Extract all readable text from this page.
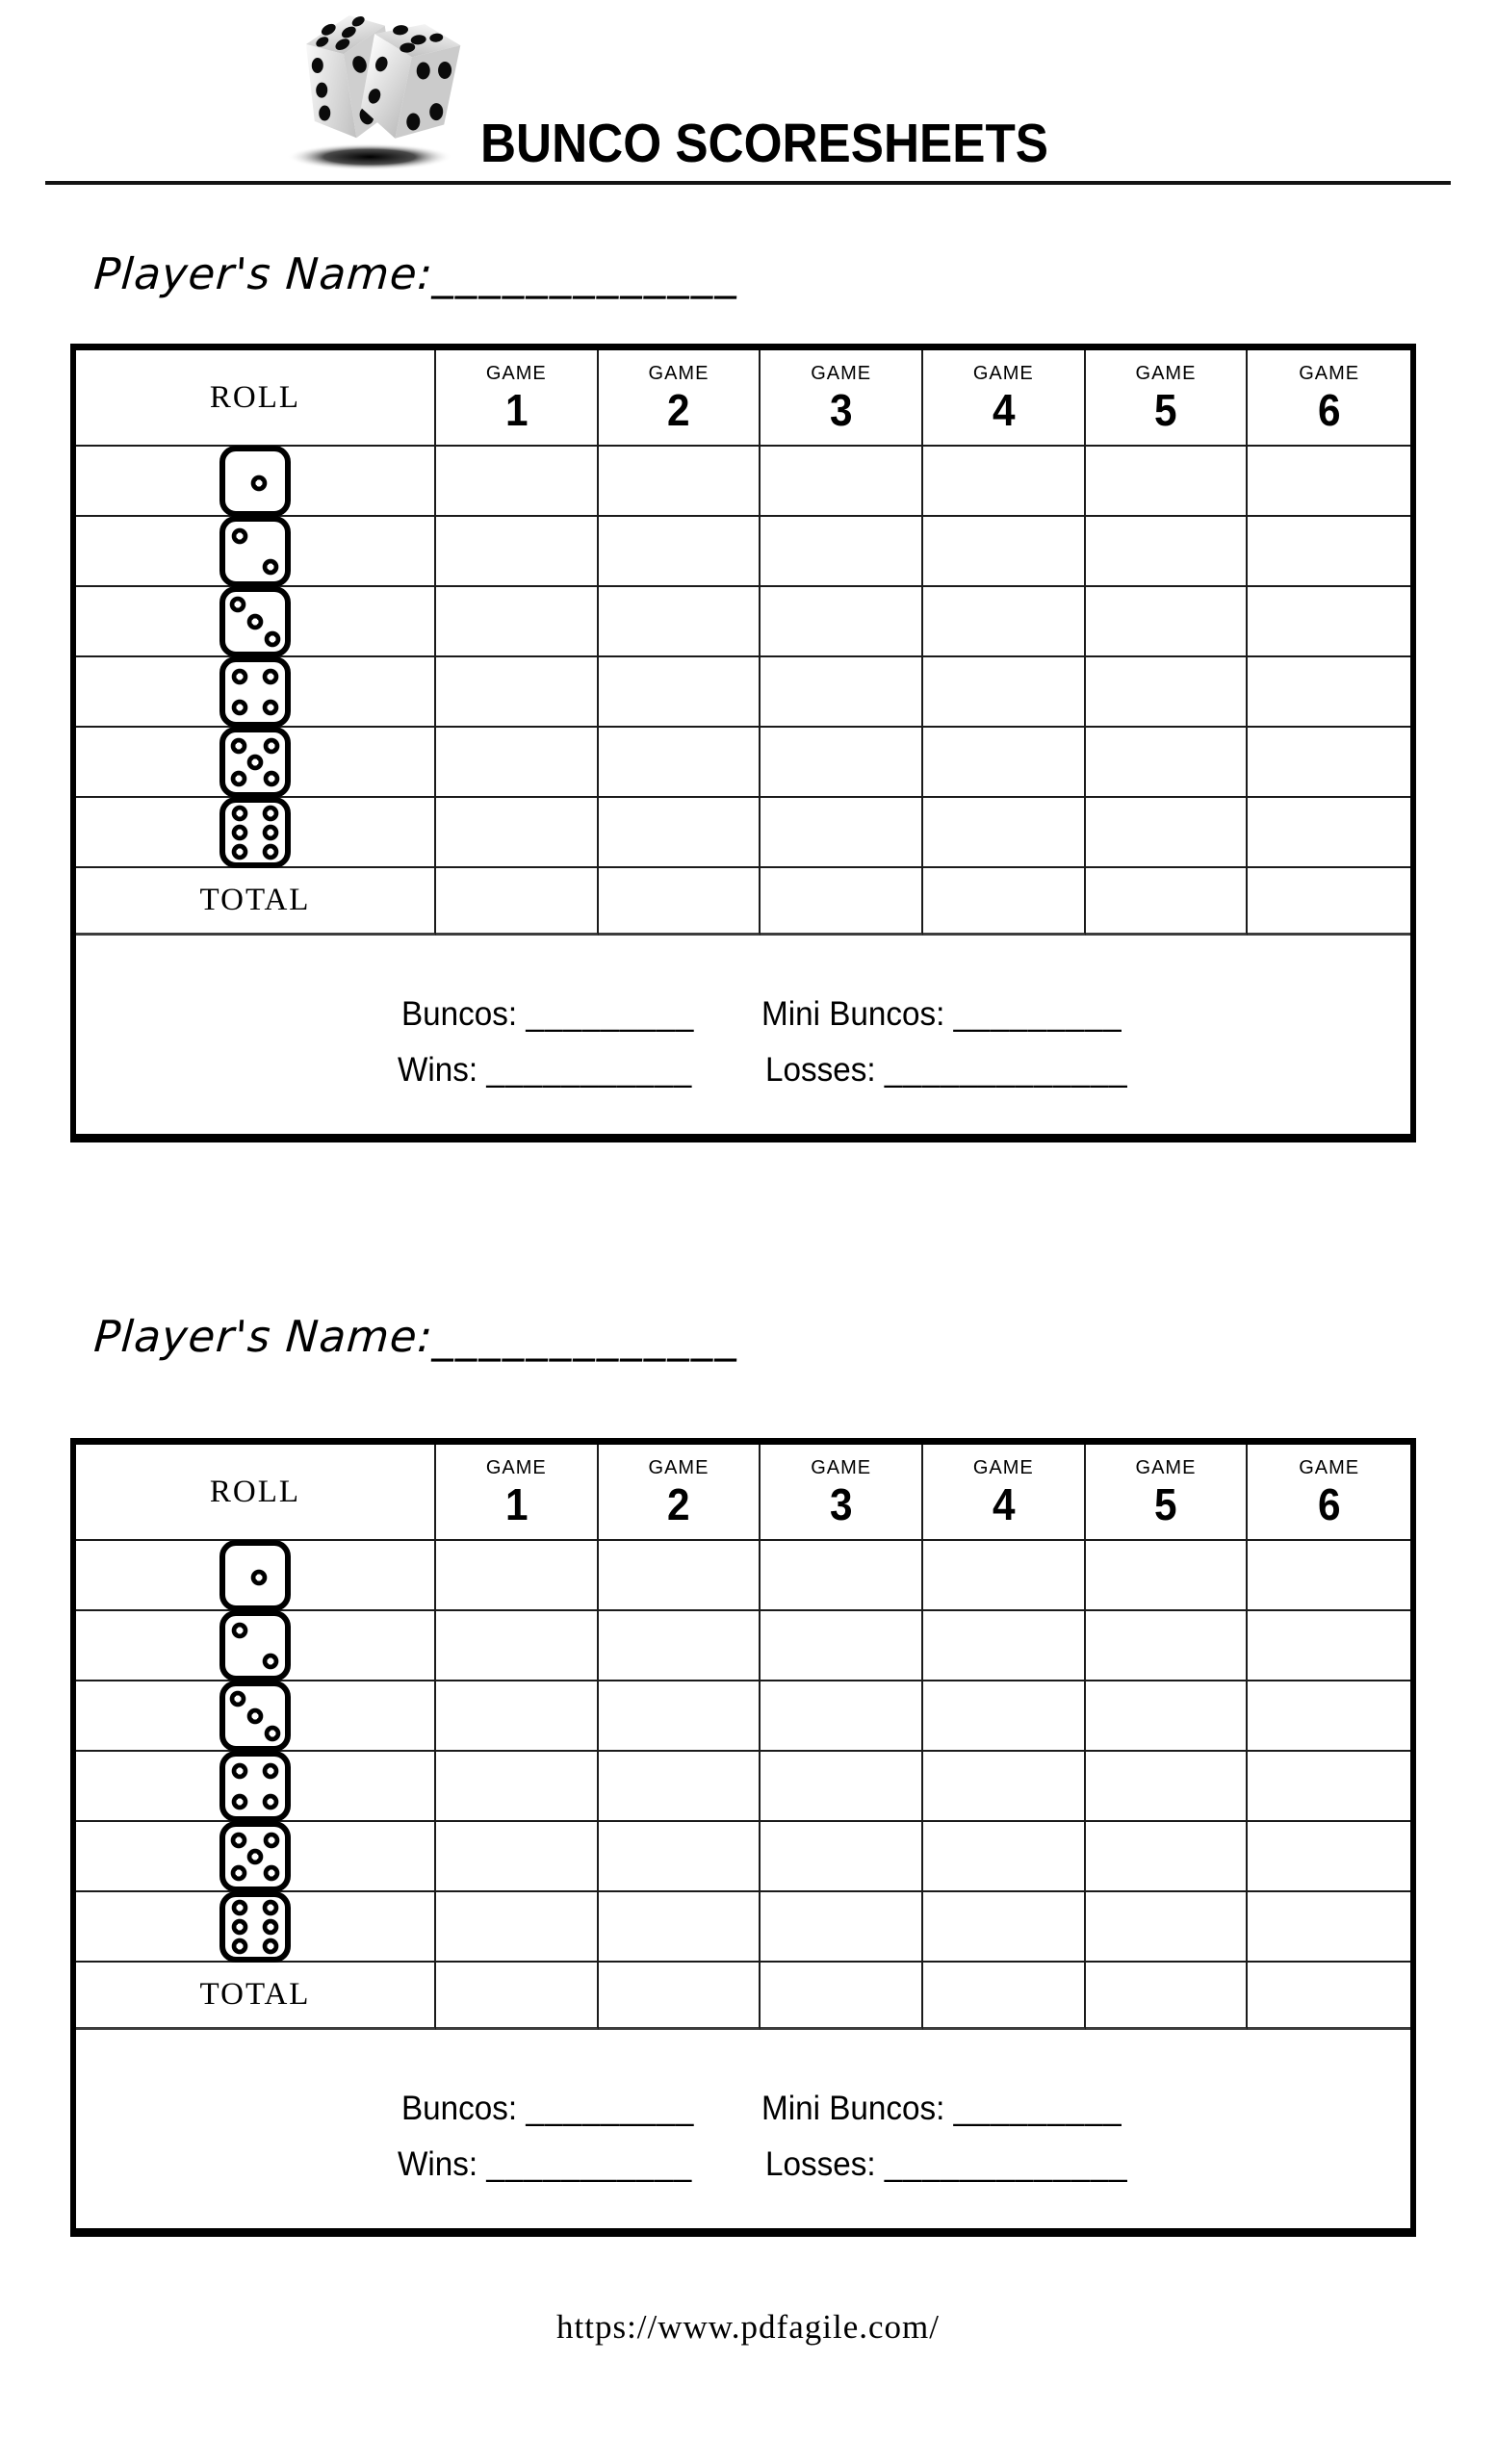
BUNCO SCORESHEETS
Player's Name:_____________
ROLL
GAME
1
GAME
2
GAME
3
GAME
4
GAME
5
GAME
6
TOTAL
Buncos: _________ Mini Buncos: _________
Wins: ___________ Losses: _____________
Player's Name:_____________
ROLL
GAME
1
GAME
2
GAME
3
GAME
4
GAME
5
GAME
6
TOTAL
Buncos: _________ Mini Buncos: _________
Wins: ___________ Losses: _____________
https://www.pdfagile.com/
